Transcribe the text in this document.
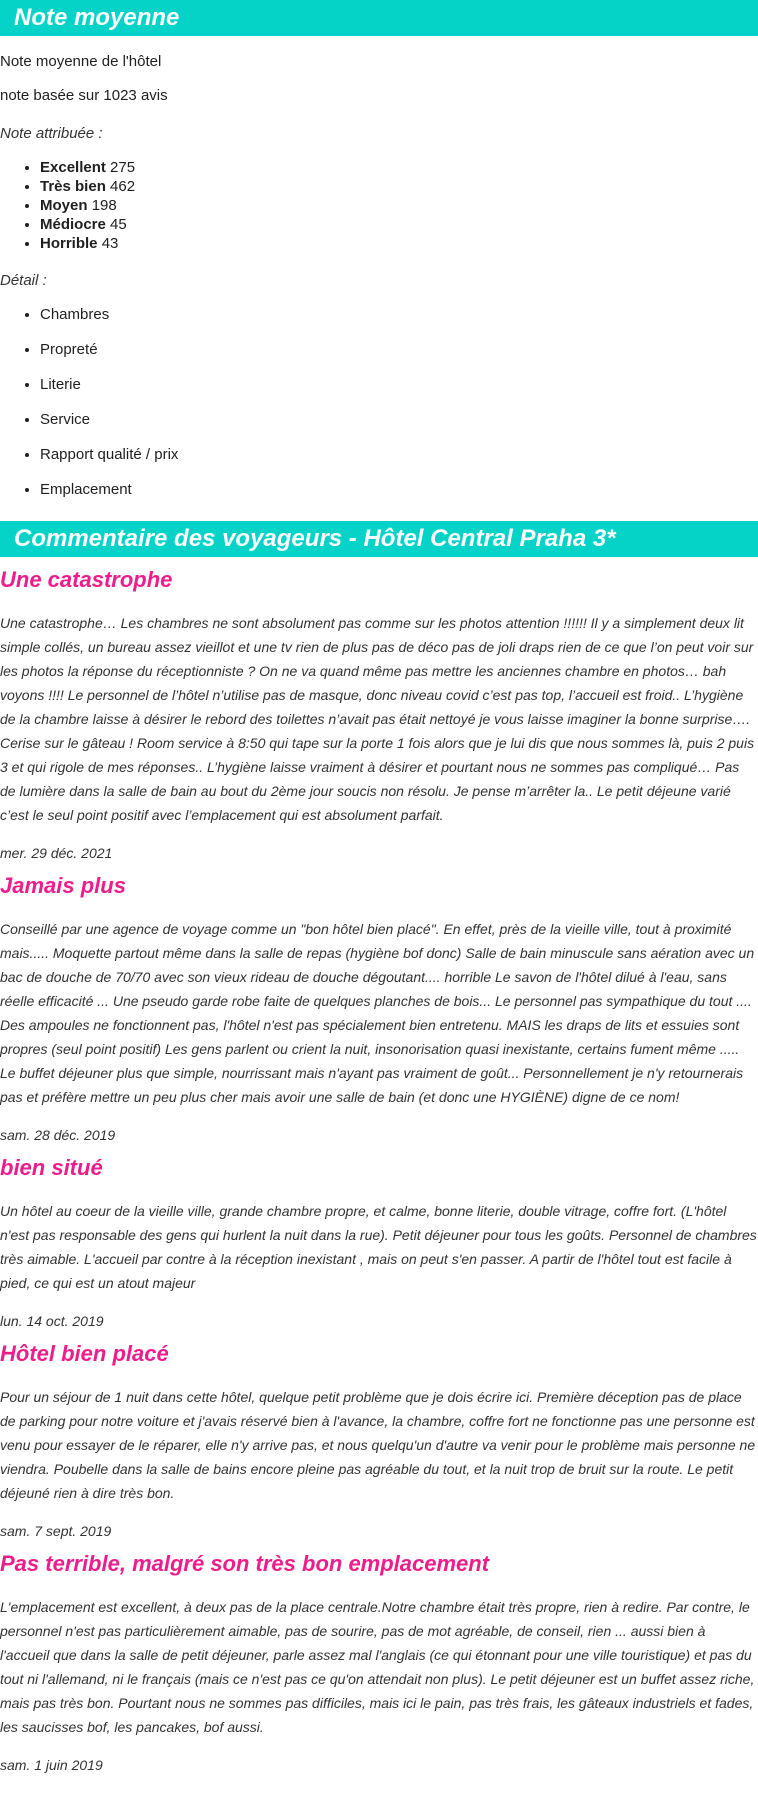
Note moyenne

Note moyenne de l'hôtel

note basée sur 1023 avis

Note attribuée :

• Excellent 275
• Très bien 462
• Moyen 198
• Médiocre 45
• Horrible 43

Détail :

• Chambres
• Propreté
• Literie
• Service
• Rapport qualité / prix
• Emplacement
Commentaire des voyageurs - Hôtel Central Praha 3*
Une catastrophe

Une catastrophe… Les chambres ne sont absolument pas comme sur les photos attention !!!!!! Il y a simplement deux lit simple collés, un bureau assez vieillot et une tv rien de plus pas de déco pas de joli draps rien de ce que l’on peut voir sur les photos la réponse du réceptionniste ? On ne va quand même pas mettre les anciennes chambre en photos… bah voyons !!!! Le personnel de l’hôtel n’utilise pas de masque, donc niveau covid c’est pas top, l’accueil est froid.. L’hygiène de la chambre laisse à désirer le rebord des toilettes n’avait pas était nettoyé je vous laisse imaginer la bonne surprise…. Cerise sur le gâteau ! Room service à 8:50 qui tape sur la porte 1 fois alors que je lui dis que nous sommes là, puis 2 puis 3 et qui rigole de mes réponses.. L’hygiène laisse vraiment à désirer et pourtant nous ne sommes pas compliqué… Pas de lumière dans la salle de bain au bout du 2ème jour soucis non résolu. Je pense m’arrêter la.. Le petit déjeune varié c’est le seul point positif avec l’emplacement qui est absolument parfait.

mer. 29 déc. 2021

Jamais plus

Conseillé par une agence de voyage comme un "bon hôtel bien placé". En effet, près de la vieille ville, tout à proximité mais..... Moquette partout même dans la salle de repas (hygiène bof donc) Salle de bain minuscule sans aération avec un bac de douche de 70/70 avec son vieux rideau de douche dégoutant.... horrible Le savon de l'hôtel dilué à l'eau, sans réelle efficacité ... Une pseudo garde robe faite de quelques planches de bois... Le personnel pas sympathique du tout .... Des ampoules ne fonctionnent pas, l'hôtel n'est pas spécialement bien entretenu. MAIS les draps de lits et essuies sont propres (seul point positif) Les gens parlent ou crient la nuit, insonorisation quasi inexistante, certains fument même ..... Le buffet déjeuner plus que simple, nourrissant mais n'ayant pas vraiment de goût... Personnellement je n'y retournerais pas et préfère mettre un peu plus cher mais avoir une salle de bain (et donc une HYGIÈNE) digne de ce nom!

sam. 28 déc. 2019

bien situé

Un hôtel au coeur de la vieille ville, grande chambre propre, et calme, bonne literie, double vitrage, coffre fort. (L'hôtel n'est pas responsable des gens qui hurlent la nuit dans la rue). Petit déjeuner pour tous les goûts. Personnel de chambres très aimable. L'accueil par contre à la réception inexistant , mais on peut s'en passer. A partir de l'hôtel tout est facile à pied, ce qui est un atout majeur

lun. 14 oct. 2019

Hôtel bien placé

Pour un séjour de 1 nuit dans cette hôtel, quelque petit problème que je dois écrire ici. Première déception pas de place de parking pour notre voiture et j'avais réservé bien à l'avance, la chambre, coffre fort ne fonctionne pas une personne est venu pour essayer de le réparer, elle n'y arrive pas, et nous quelqu'un d'autre va venir pour le problème mais personne ne viendra. Poubelle dans la salle de bains encore pleine pas agréable du tout, et la nuit trop de bruit sur la route. Le petit déjeuné rien à dire très bon.

sam. 7 sept. 2019

Pas terrible, malgré son très bon emplacement

L'emplacement est excellent, à deux pas de la place centrale.Notre chambre était très propre, rien à redire. Par contre, le personnel n'est pas particulièrement aimable, pas de sourire, pas de mot agréable, de conseil, rien ... aussi bien à l'accueil que dans la salle de petit déjeuner, parle assez mal l'anglais (ce qui étonnant pour une ville touristique) et pas du tout ni l'allemand, ni le français (mais ce n'est pas ce qu'on attendait non plus). Le petit déjeuner est un buffet assez riche, mais pas très bon. Pourtant nous ne sommes pas difficiles, mais ici le pain, pas très frais, les gâteaux industriels et fades, les saucisses bof, les pancakes, bof aussi.

sam. 1 juin 2019
